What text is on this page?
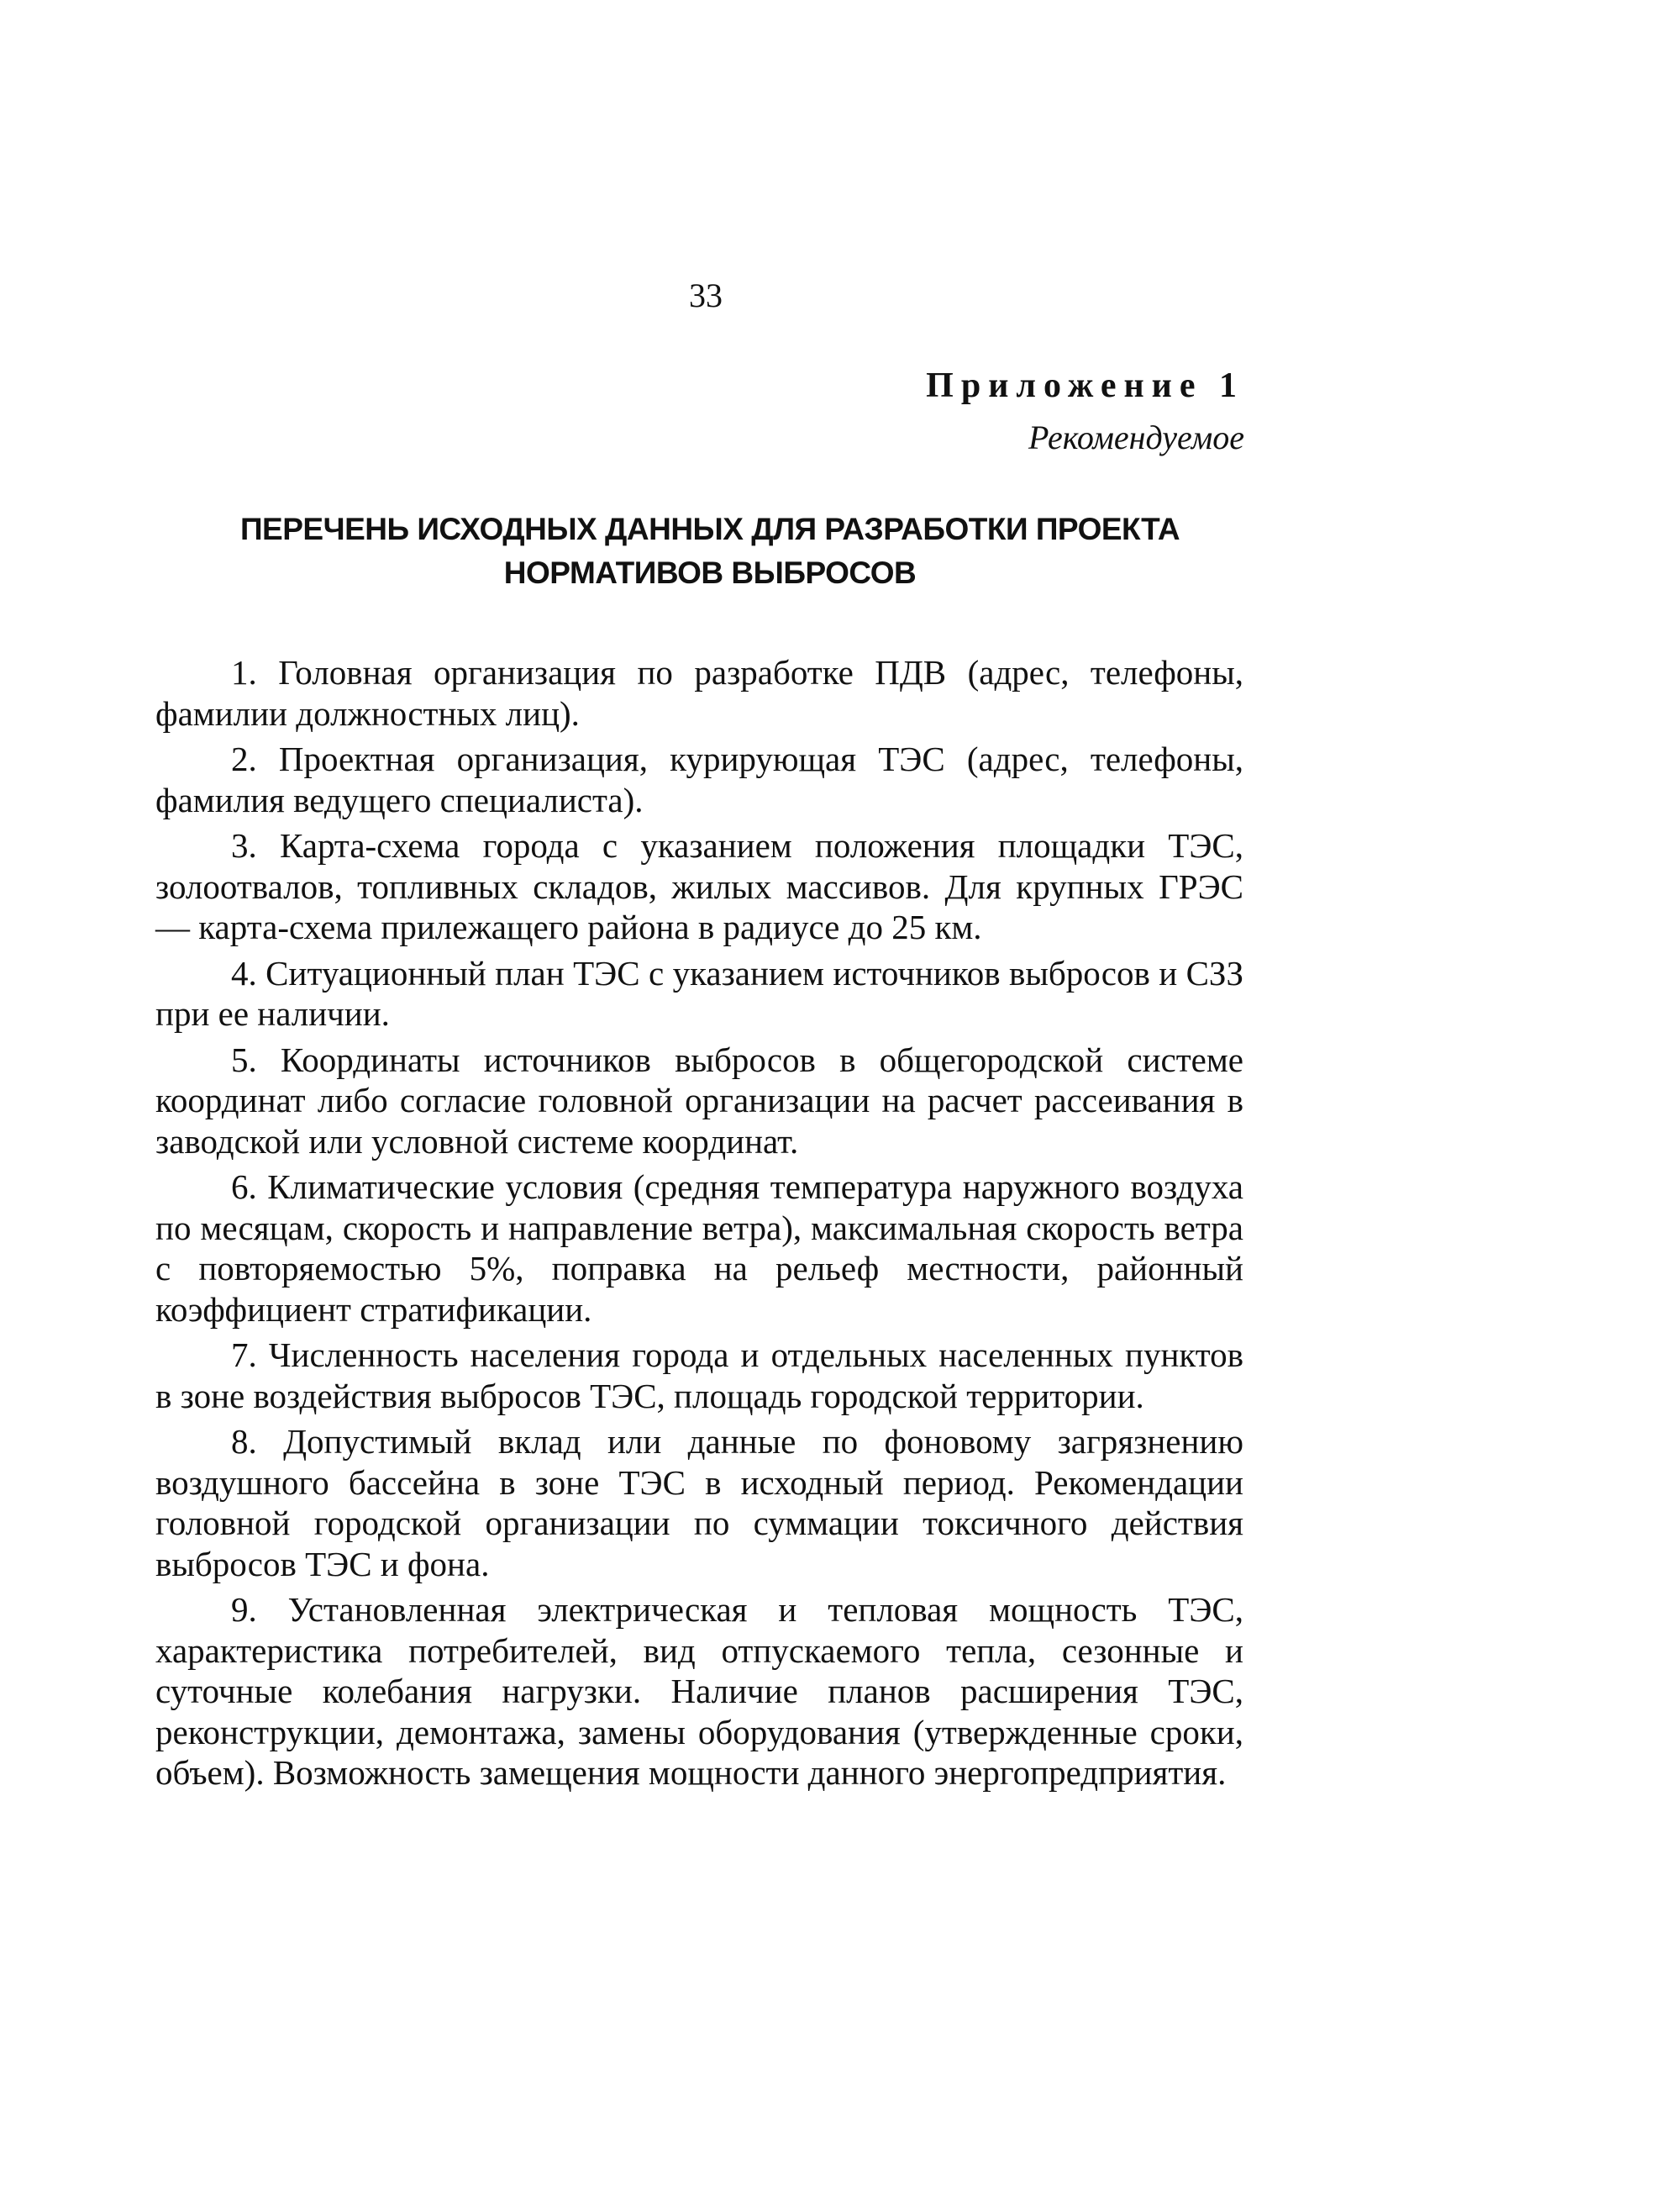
33
Приложение 1
Рекомендуемое
ПЕРЕЧЕНЬ ИСХОДНЫХ ДАННЫХ ДЛЯ РАЗРАБОТКИ ПРОЕКТА
НОРМАТИВОВ ВЫБРОСОВ

1. Головная организация по разработке ПДВ (адрес, телефоны, фамилии должностных лиц).

2. Проектная организация, курирующая ТЭС (адрес, телефоны, фамилия ведущего специалиста).

3. Карта-схема города с указанием положения площадки ТЭС, золоотвалов, топливных складов, жилых массивов. Для крупных ГРЭС — карта-схема прилежащего района в радиусе до 25 км.

4. Ситуационный план ТЭС с указанием источников выбросов и СЗЗ при ее наличии.

5. Координаты источников выбросов в общегородской системе координат либо согласие головной организации на расчет рассеивания в заводской или условной системе координат.

6. Климатические условия (средняя температура наружного воздуха по месяцам, скорость и направление ветра), максимальная скорость ветра с повторяемостью 5%, поправка на рельеф местности, районный коэффициент стратификации.

7. Численность населения города и отдельных населенных пунктов в зоне воздействия выбросов ТЭС, площадь городской территории.

8. Допустимый вклад или данные по фоновому загрязнению воздушного бассейна в зоне ТЭС в исходный период. Рекомендации головной городской организации по суммации токсичного действия выбросов ТЭС и фона.

9. Установленная электрическая и тепловая мощность ТЭС, характеристика потребителей, вид отпускаемого тепла, сезонные и суточные колебания нагрузки. Наличие планов расширения ТЭС, реконструкции, демонтажа, замены оборудования (утвержденные сроки, объем). Возможность замещения мощности данного энергопредприятия.
